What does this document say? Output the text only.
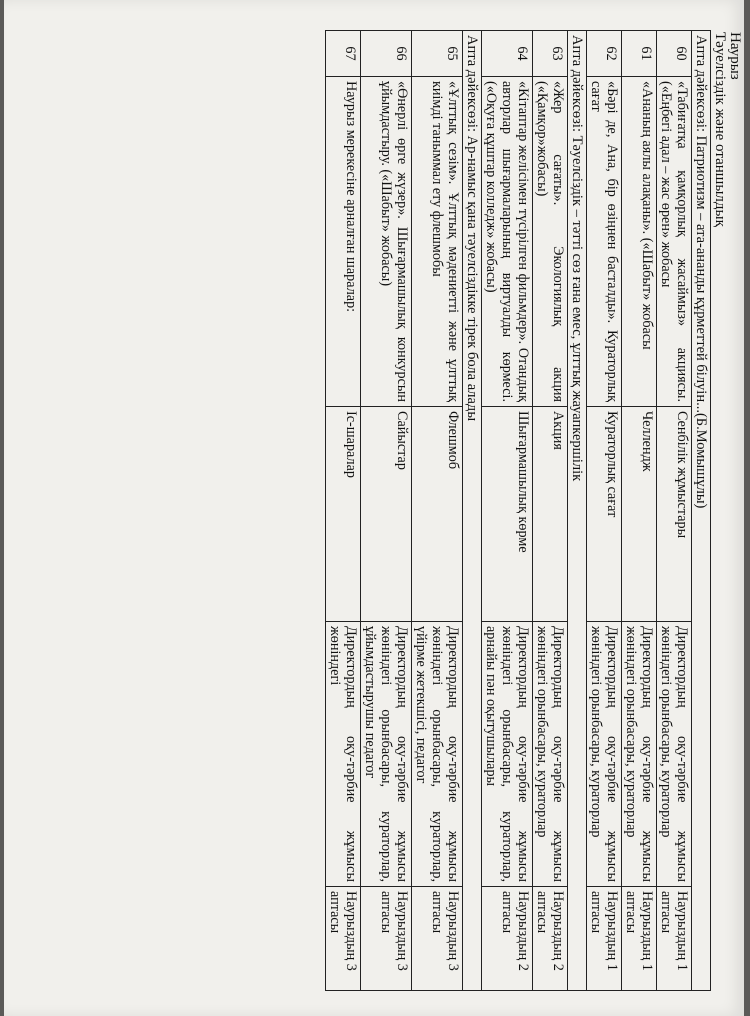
Наурыз
Тәуелсіздік және отаншылдық
Апта дәйексөзі: Патриотизм – ата-ананды құрметтей білуін...(Б.Момышұлы)				
60	«Табиғатқа қамқорлық жасаймыз» акциясы. («Еңбегі адал – жас өрен» жобасы	Сенбілік жұмыстары	Директордың оқу-тәрбие жұмысы жөніндегі орынбасары, кураторлар	Наурыздың 1 аптасы
61	«Ананың аялы алақаны». («Шабыт» жобасы	Челлендж	Директордың оқу-тәрбие жұмысы жөніндегі орынбасары, кураторлар	Наурыздың 1 аптасы
62	«Бәрі де, Ана, бір өзіңнен басталды». Кураторлық сағат	Кураторлық сағат	Директордың оқу-тәрбие жұмысы жөніндегі орынбасары, кураторлар	Наурыздың 1 аптасы
Апта дәйексөзі: Тәуелсіздік – тәтті сөз ғана емес, ұлттық жауапкершілік				
63	«Жер сағаты». Экологиялық акция («Қамқор»жобасы)	Акция	Директордың оқу-тәрбие жұмысы жөніндегі орынбасары, кураторлар	Наурыздың 2 аптасы
64	«Кітаптар желісімен түсірілген фильмдер». Отандық авторлар шығармаларының виртуалды көрмесі. («Оқуға құштар колледж» жобасы)	Шығармашылық көрме	Директордың оқу-тәрбие жұмысы жөніндегі орынбасары, кураторлар, арнайы пән оқытушылары	Наурыздың 2 аптасы
Апта дәйексөзі: Ар-намыс қана тәуелсіздікке тірек бола алады				
65	«Ұлттық сезім». Ұлттық мәдениетті және ұлттық киімді таныммал ету флешмобы	Флешмоб	Директордың оқу-тәрбие жұмысы жөніндегі орынбасары, кураторлар, үйірме жетекшісі, педагог	Наурыздың 3 аптасы
66	«Өнерлі өрге жүзер». Шығармашылық конкурсын ұйымдастыру. («Шабыт» жобасы)	Сайыстар	Директордың оқу-тәрбие жұмысы жөніндегі орынбасары, кураторлар, ұйымдастырушы педагог	Наурыздың 3 аптасы
67	Наурыз мерекесіне арналған шаралар:	Іс-шаралар	Директордың оқу-тәрбие жұмысы жөніндегі	Наурыздың 3 аптасы
